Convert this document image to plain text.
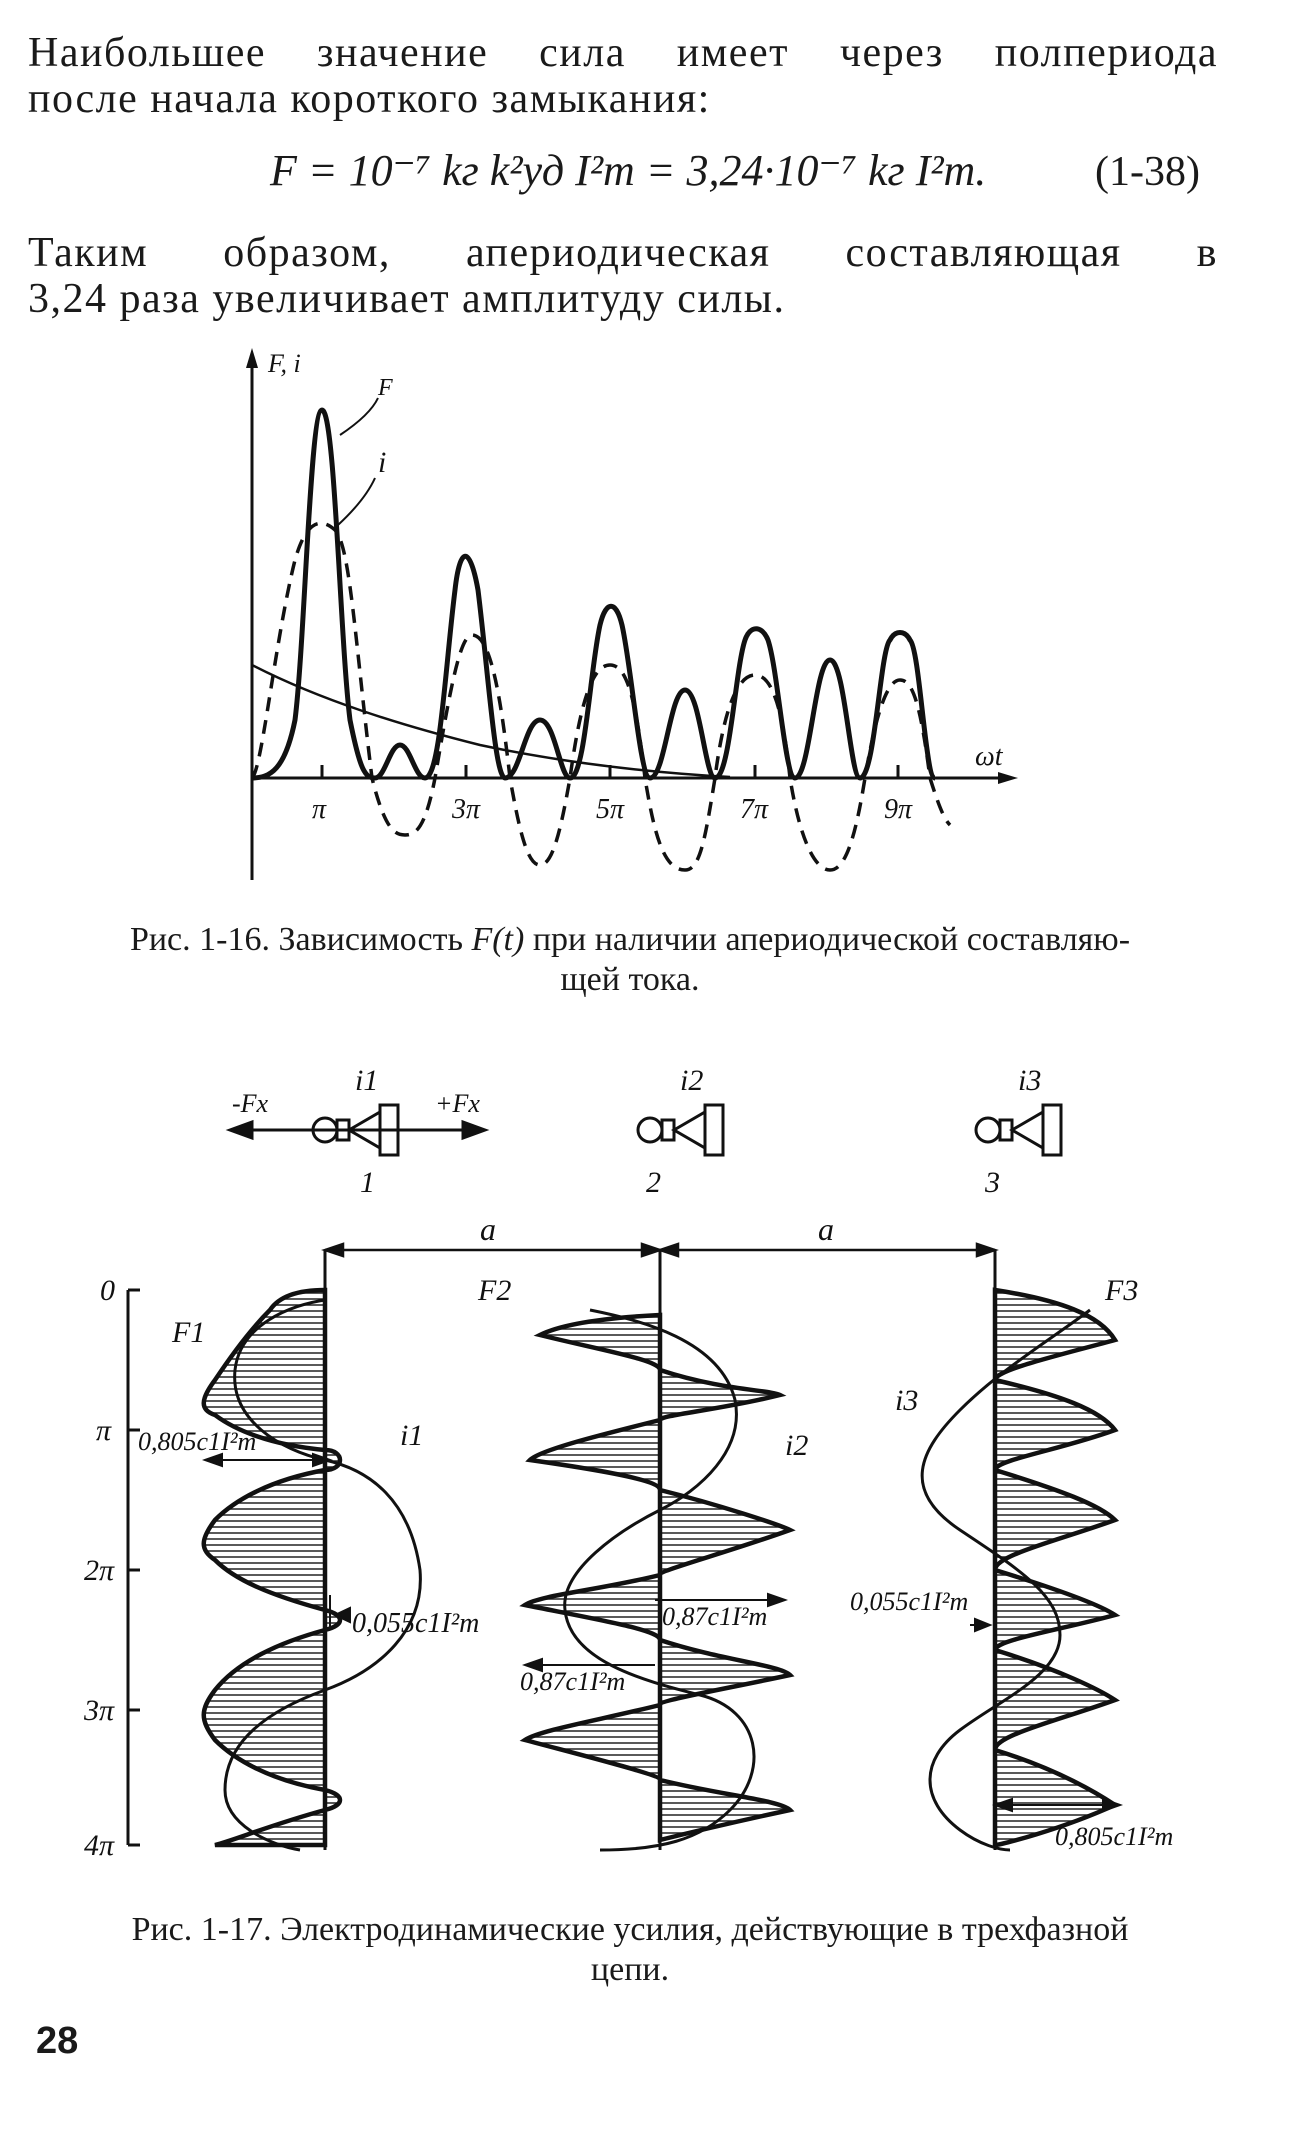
Наибольшее значение сила имеет через полпериода
после начала короткого замыкания:
F = 10⁻⁷ kг k²уд I²m = 3,24·10⁻⁷ kг I²m.	(1-38)
Таким образом, апериодическая составляющая в
3,24 раза увеличивает амплитуду силы.
F, i
ωt
F
i
π	3π	5π	7π	9π

Рис. 1-16. Зависимость F(t) при наличии апериодической составляю-
щей тока.

-Fx	+Fx
i1
1
i2
2
i3
3
a	a
0
π
2π
3π
4π
F1
i1
0,805c1I²m
0,055c1I²m
F2
i2
0,87c1I²m
0,87c1I²m
F3
i3
0,055c1I²m
0,805c1I²m

Рис. 1-17. Электродинамические усилия, действующие в трехфазной
цепи.

28
